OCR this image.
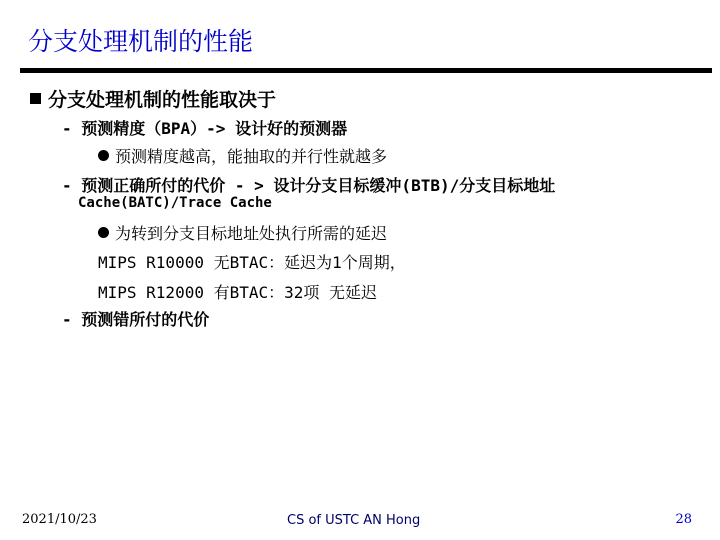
分支处理机制的性能
分支处理机制的性能取决于
- 预测精度（BPA）-> 设计好的预测器
预测精度越高，能抽取的并行性就越多
- 预测正确所付的代价 - > 设计分支目标缓冲(BTB)/分支目标地址
Cache(BATC)/Trace Cache
为转到分支目标地址处执行所需的延迟
MIPS R10000 无BTAC：延迟为1个周期，
MIPS R12000 有BTAC：32项 无延迟
- 预测错所付的代价
2021/10/23	CS of USTC AN Hong	28
